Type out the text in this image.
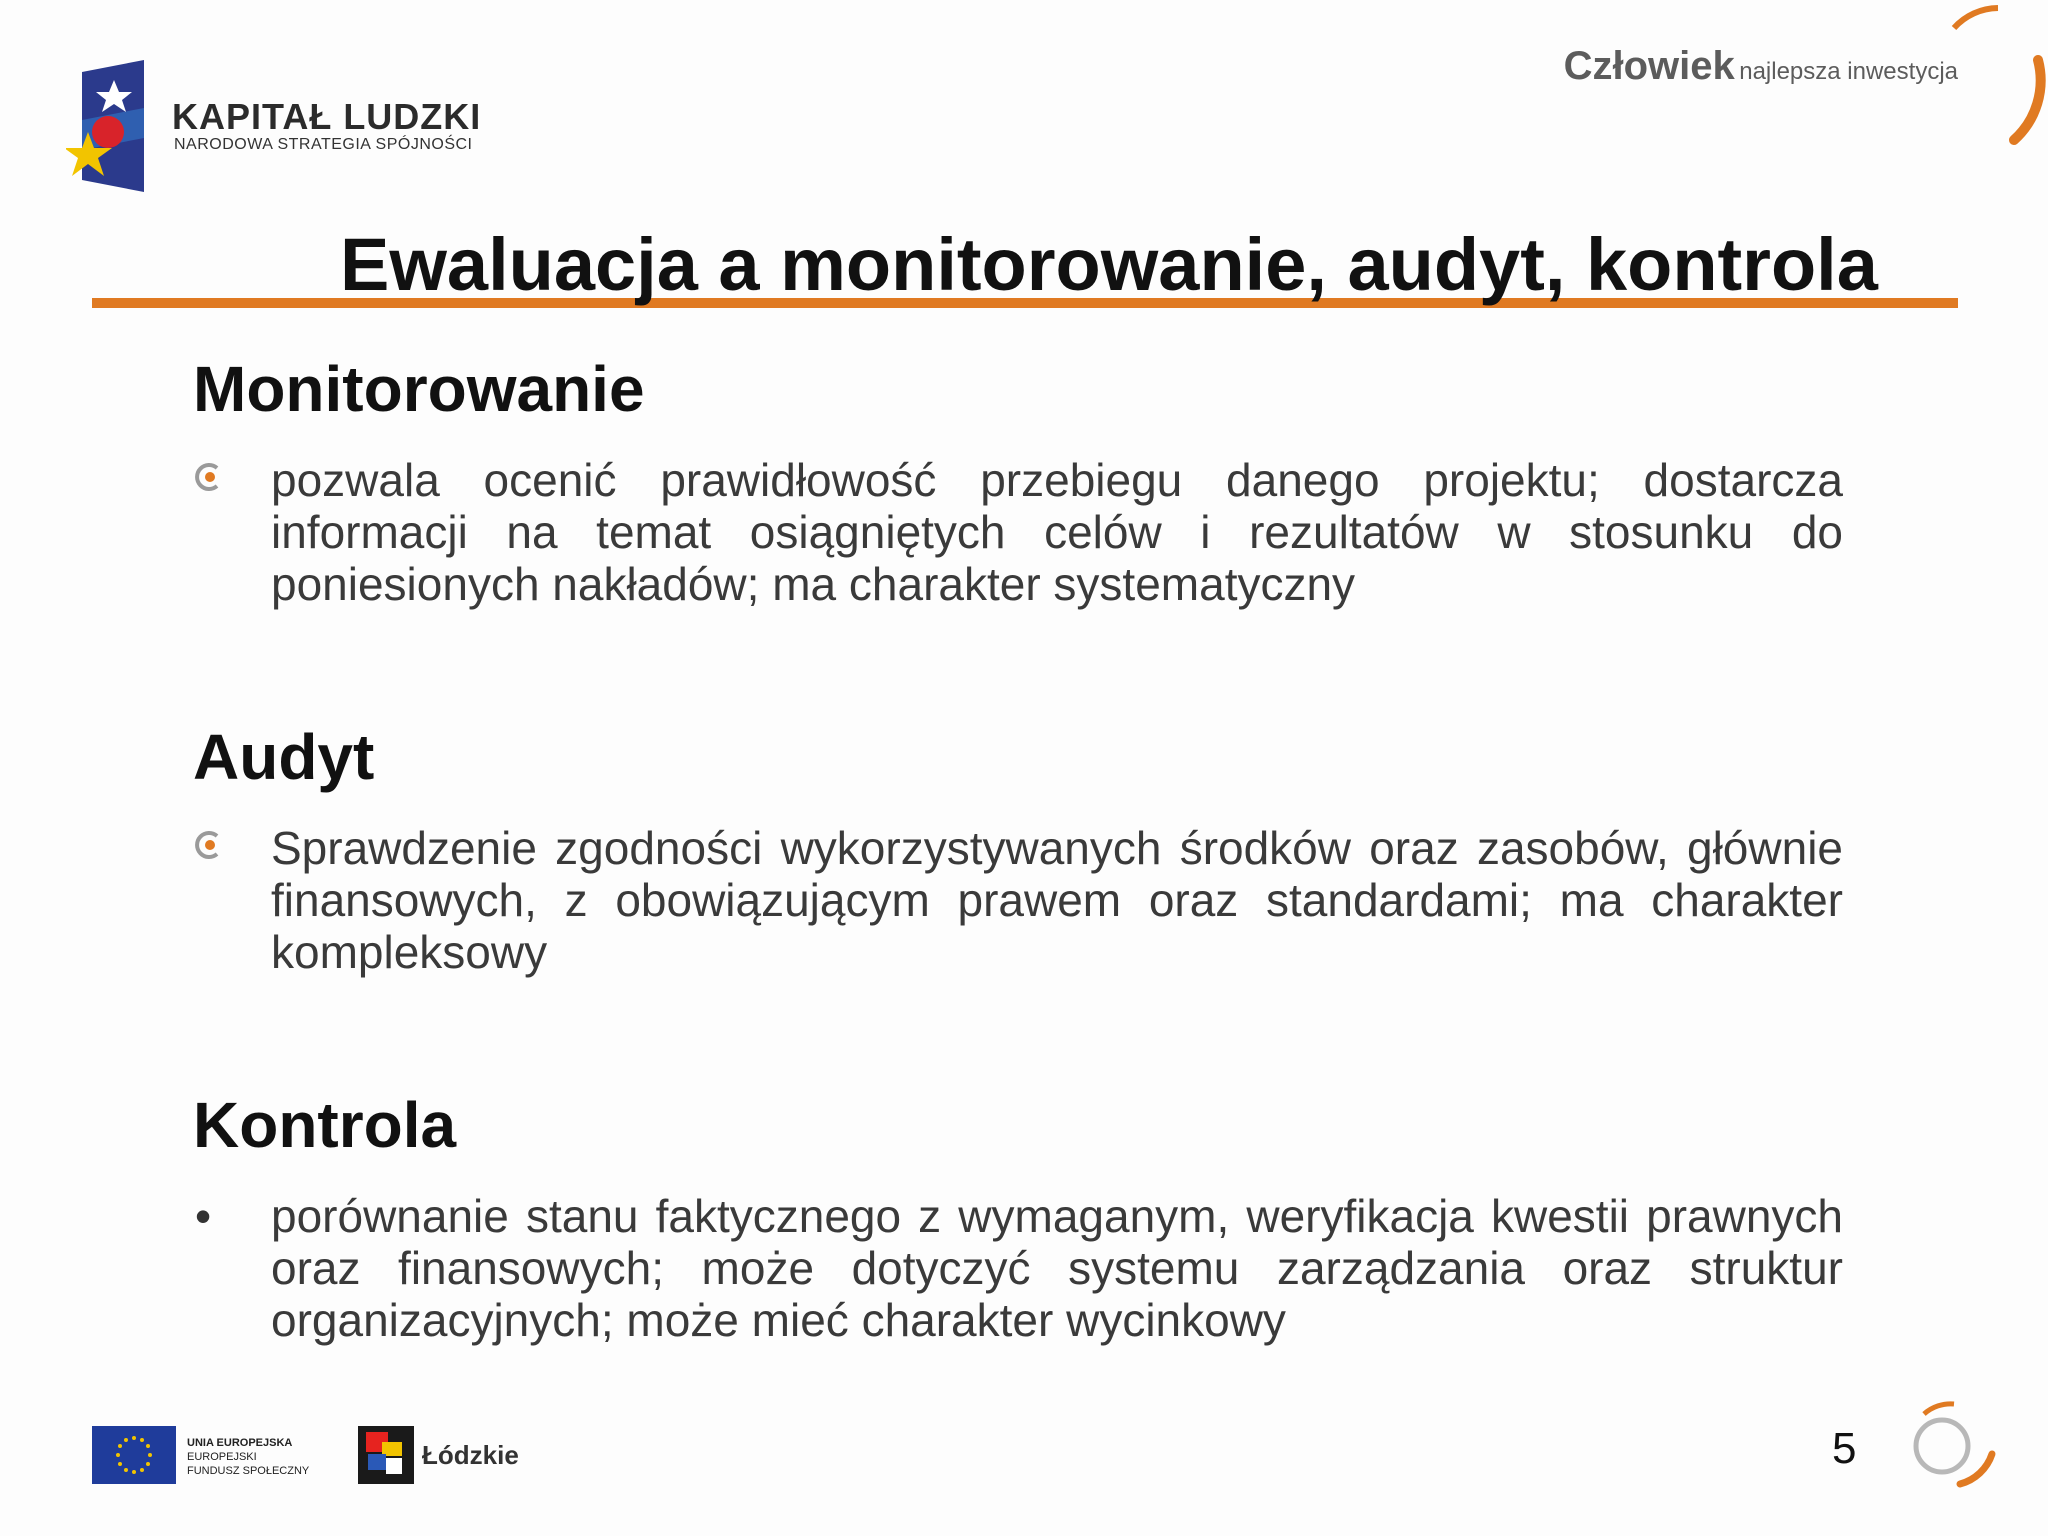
KAPITAŁ LUDZKI
NARODOWA STRATEGIA SPÓJNOŚCI
Człowiek najlepsza inwestycja
Ewaluacja a monitorowanie, audyt, kontrola
Monitorowanie
pozwala ocenić prawidłowość przebiegu danego projektu; dostarcza informacji na temat osiągniętych celów i rezultatów w stosunku do poniesionych nakładów; ma charakter systematyczny
Audyt
Sprawdzenie zgodności wykorzystywanych środków oraz zasobów, głównie finansowych, z obowiązującym prawem oraz standardami; ma charakter kompleksowy
Kontrola
• porównanie stanu faktycznego z wymaganym, weryfikacja kwestii prawnych oraz finansowych; może dotyczyć systemu zarządzania oraz struktur organizacyjnych; może mieć charakter wycinkowy
UNIA EUROPEJSKA
EUROPEJSKI
FUNDUSZ SPOŁECZNY
Łódzkie	5
